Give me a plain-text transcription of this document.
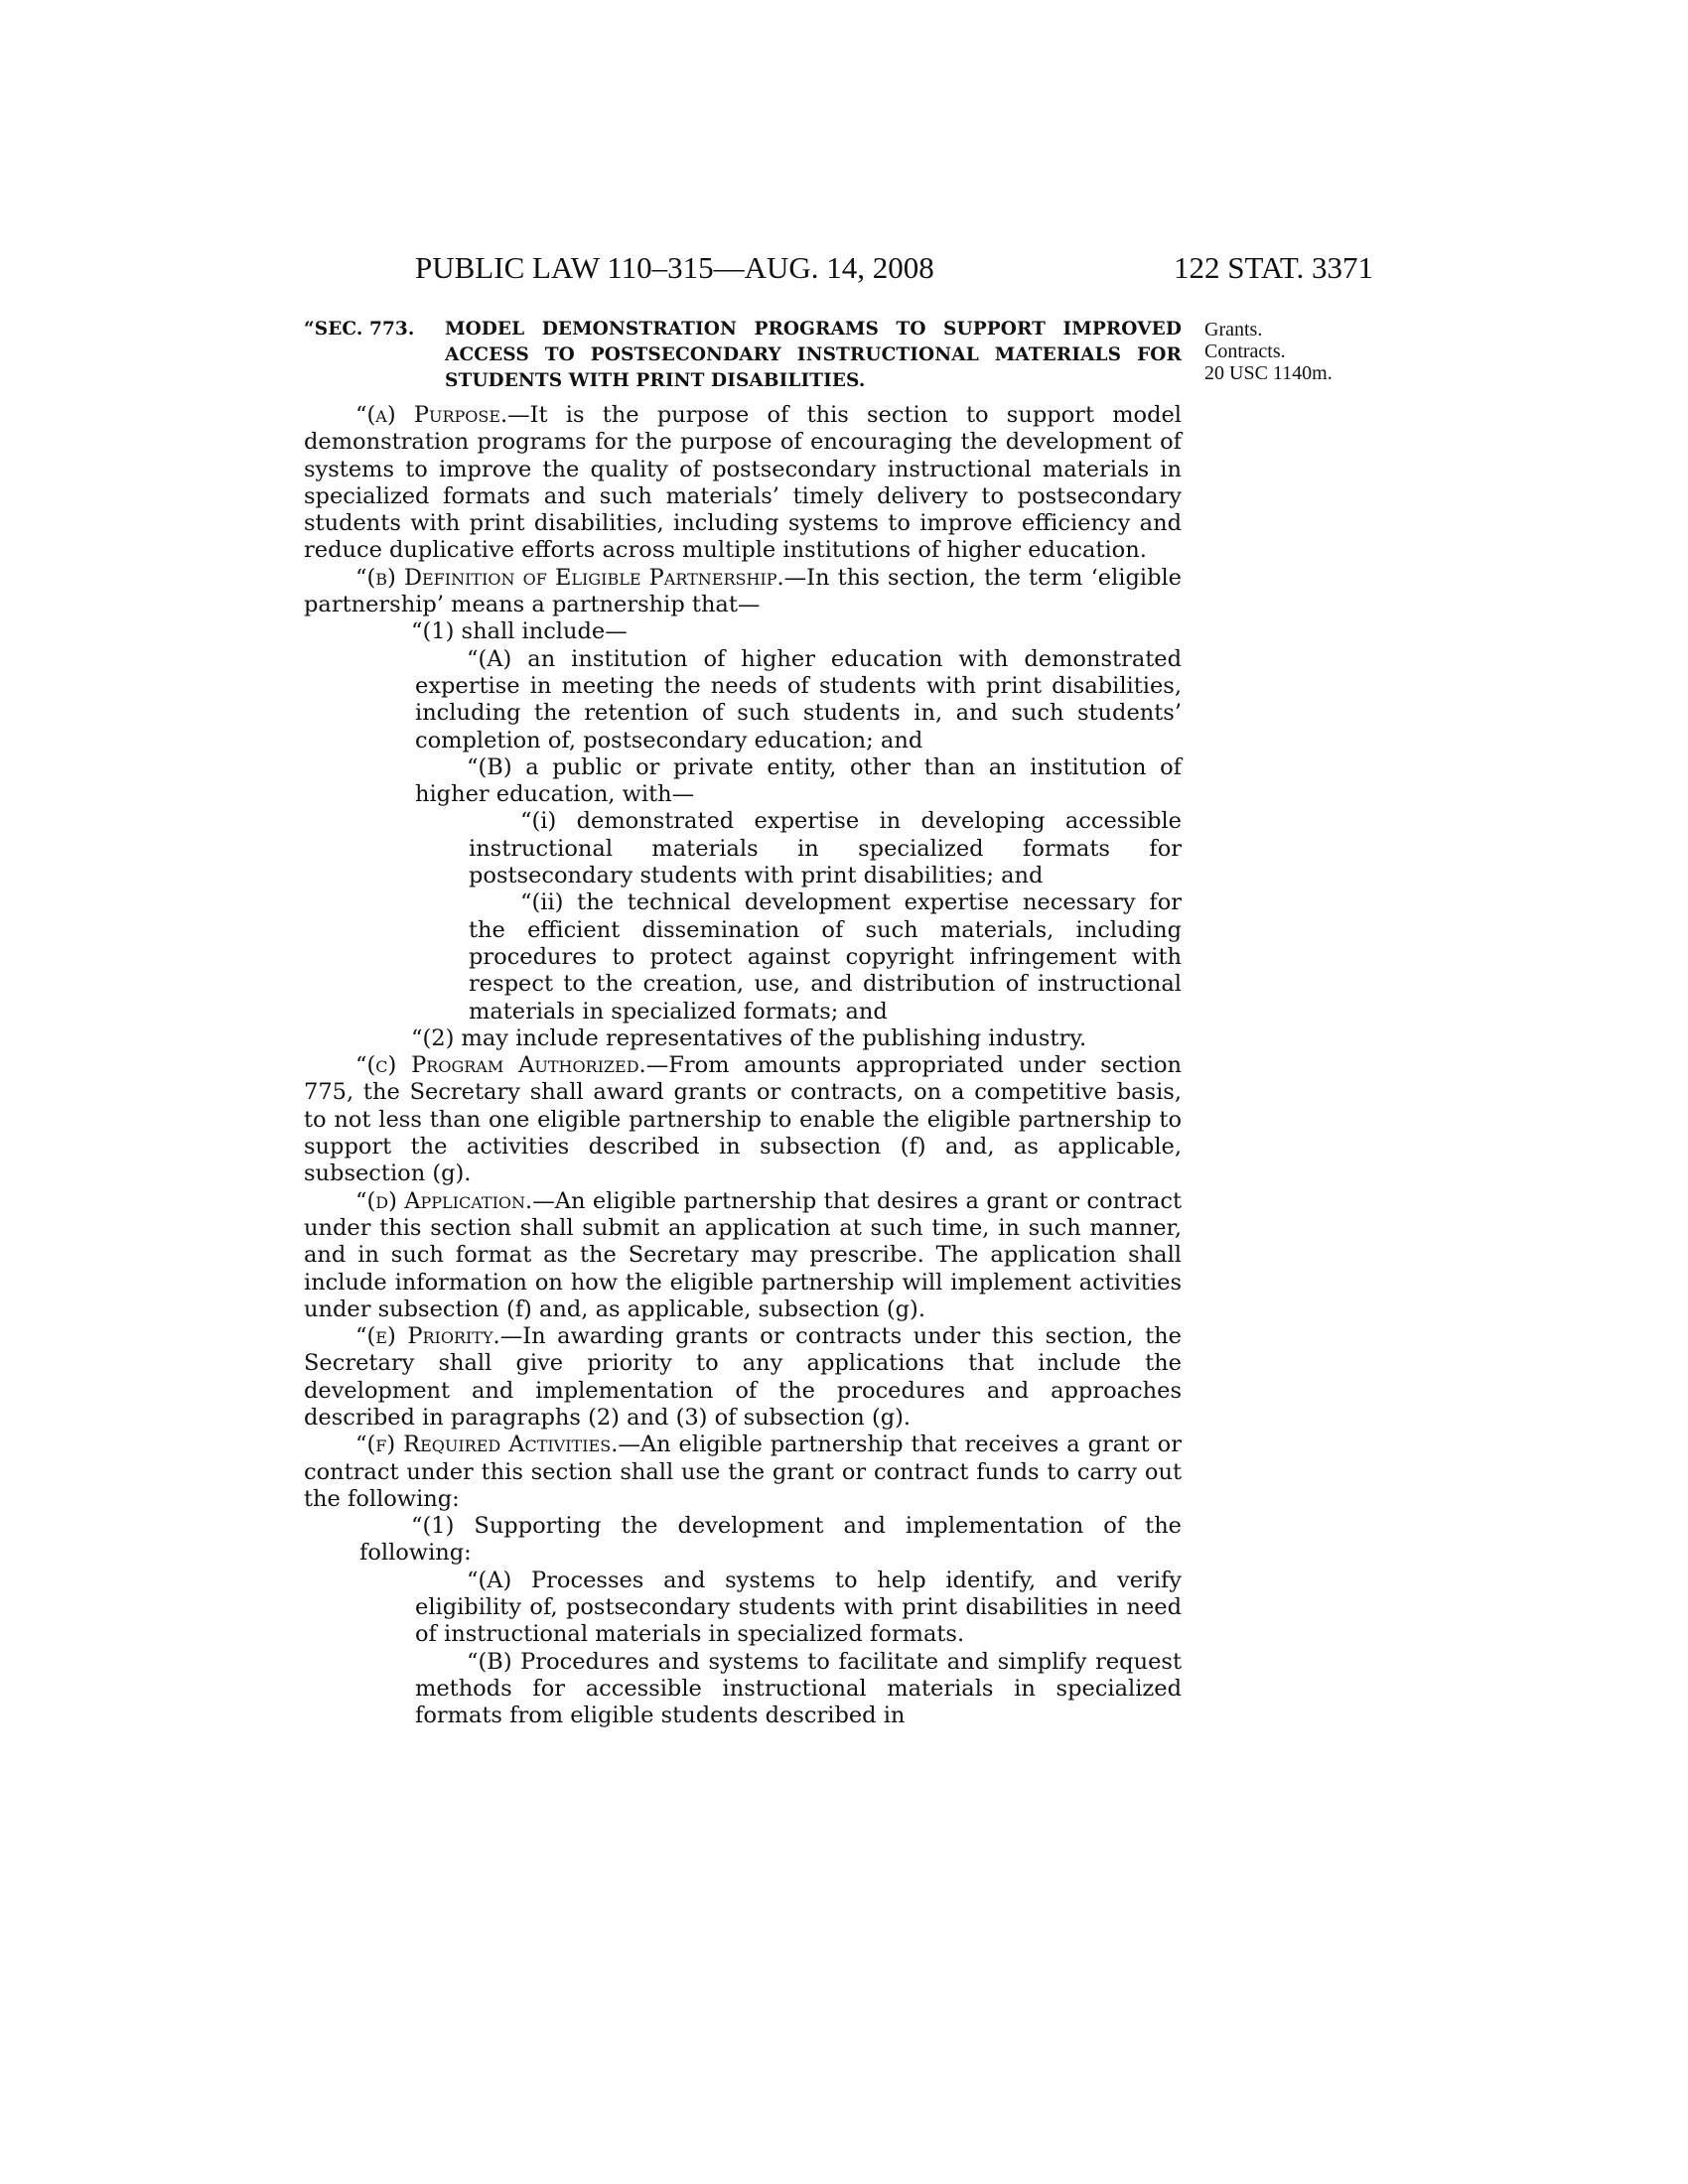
PUBLIC LAW 110–315—AUG. 14, 2008	122 STAT. 3371
Grants.
Contracts.
20 USC 1140m.
“SEC. 773. MODEL DEMONSTRATION PROGRAMS TO SUPPORT IMPROVED ACCESS TO POSTSECONDARY INSTRUCTIONAL MATERIALS FOR STUDENTS WITH PRINT DISABILITIES.

“(a) Purpose.—It is the purpose of this section to support model demonstration programs for the purpose of encouraging the development of systems to improve the quality of postsecondary instructional materials in specialized formats and such materials’ timely delivery to postsecondary students with print disabilities, including systems to improve efficiency and reduce duplicative efforts across multiple institutions of higher education.

“(b) Definition of Eligible Partnership.—In this section, the term ‘eligible partnership’ means a partnership that—

“(1) shall include—

“(A) an institution of higher education with demonstrated expertise in meeting the needs of students with print disabilities, including the retention of such students in, and such students’ completion of, postsecondary education; and

“(B) a public or private entity, other than an institution of higher education, with—

“(i) demonstrated expertise in developing accessible instructional materials in specialized formats for postsecondary students with print disabilities; and

“(ii) the technical development expertise necessary for the efficient dissemination of such materials, including procedures to protect against copyright infringement with respect to the creation, use, and distribution of instructional materials in specialized formats; and

“(2) may include representatives of the publishing industry.

“(c) Program Authorized.—From amounts appropriated under section 775, the Secretary shall award grants or contracts, on a competitive basis, to not less than one eligible partnership to enable the eligible partnership to support the activities described in subsection (f) and, as applicable, subsection (g).

“(d) Application.—An eligible partnership that desires a grant or contract under this section shall submit an application at such time, in such manner, and in such format as the Secretary may prescribe. The application shall include information on how the eligible partnership will implement activities under subsection (f) and, as applicable, subsection (g).

“(e) Priority.—In awarding grants or contracts under this section, the Secretary shall give priority to any applications that include the development and implementation of the procedures and approaches described in paragraphs (2) and (3) of subsection (g).

“(f) Required Activities.—An eligible partnership that receives a grant or contract under this section shall use the grant or contract funds to carry out the following:

“(1) Supporting the development and implementation of the following:

“(A) Processes and systems to help identify, and verify eligibility of, postsecondary students with print disabilities in need of instructional materials in specialized formats.

“(B) Procedures and systems to facilitate and simplify request methods for accessible instructional materials in specialized formats from eligible students described in
